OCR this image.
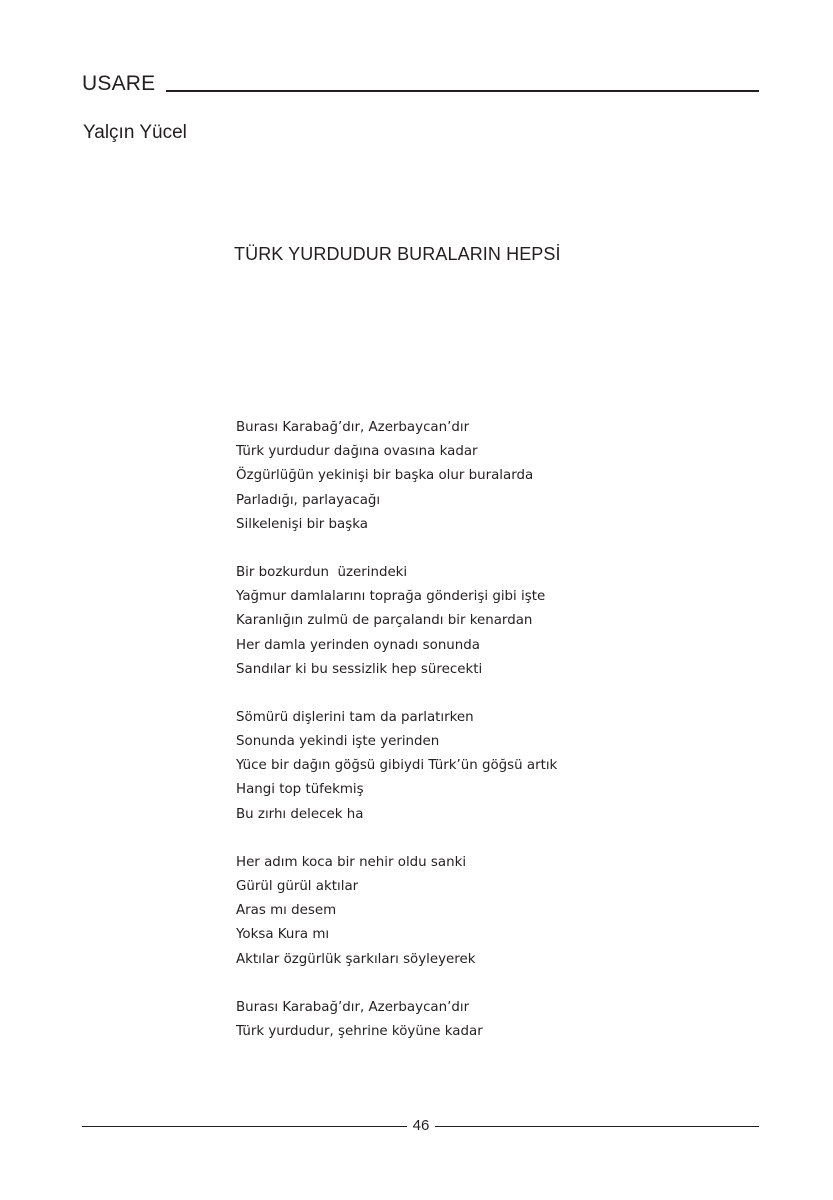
USARE
Yalçın Yücel
TÜRK YURDUDUR BURALARIN HEPSİ
Burası Karabağ’dır, Azerbaycan’dır
Türk yurdudur dağına ovasına kadar
Özgürlüğün yekinişi bir başka olur buralarda
Parladığı, parlayacağı
Silkelenişi bir başka
Bir bozkurdun  üzerindeki
Yağmur damlalarını toprağa gönderişi gibi işte
Karanlığın zulmü de parçalandı bir kenardan
Her damla yerinden oynadı sonunda
Sandılar ki bu sessizlik hep sürecekti
Sömürü dişlerini tam da parlatırken
Sonunda yekindi işte yerinden
Yüce bir dağın göğsü gibiydi Türk’ün göğsü artık
Hangi top tüfekmiş
Bu zırhı delecek ha
Her adım koca bir nehir oldu sanki
Gürül gürül aktılar
Aras mı desem
Yoksa Kura mı
Aktılar özgürlük şarkıları söyleyerek
Burası Karabağ’dır, Azerbaycan’dır
Türk yurdudur, şehrine köyüne kadar
46
